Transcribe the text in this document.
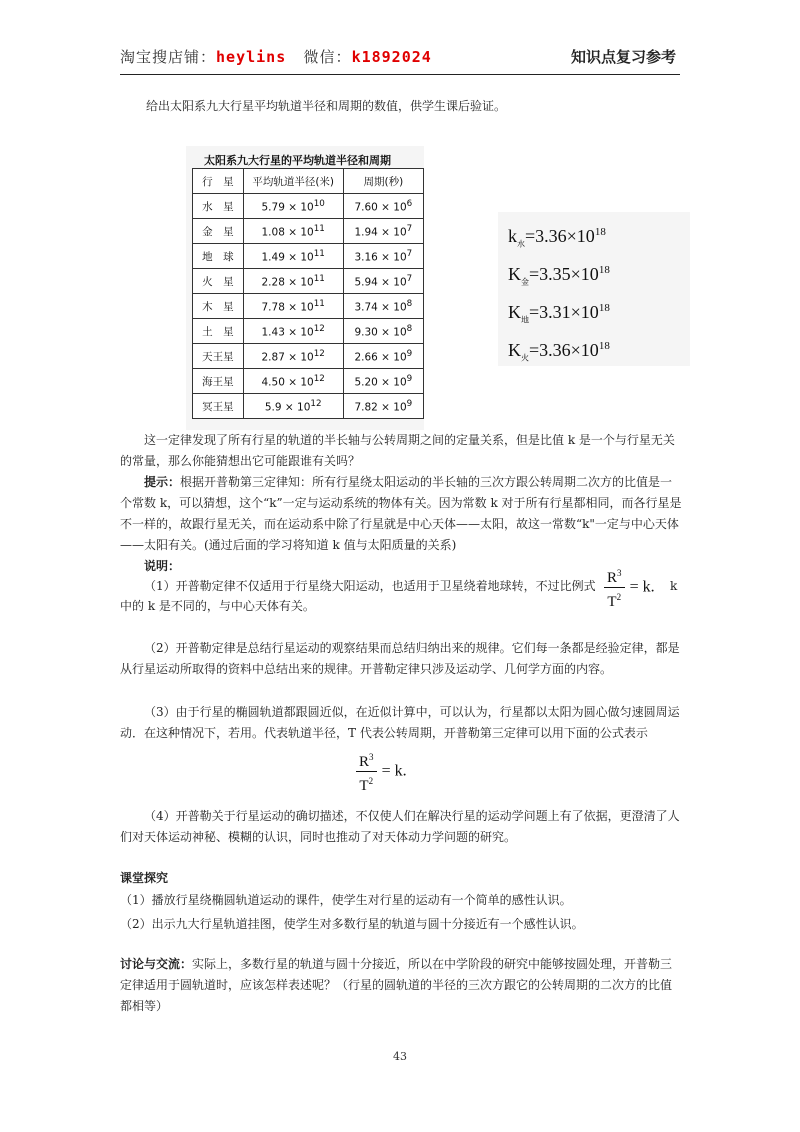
淘宝搜店铺：heylins 微信：k1892024	知识点复习参考
给出太阳系九大行星平均轨道半径和周期的数值，供学生课后验证。
太阳系九大行星的平均轨道半径和周期
行　星	平均轨道半径(米)	周期(秒)
水　星	$5.79 \times 10^{10}$	$7.60 \times 10^6$
金　星	$1.08 \times 10^{11}$	$1.94 \times 10^7$
地　球	$1.49 \times 10^{11}$	$3.16 \times 10^7$
火　星	$2.28 \times 10^{11}$	$5.94 \times 10^7$
木　星	$7.78 \times 10^{11}$	$3.74 \times 10^8$
土　星	$1.43 \times 10^{12}$	$9.30 \times 10^8$
天王星	$2.87 \times 10^{12}$	$2.66 \times 10^9$
海王星	$4.50 \times 10^{12}$	$5.20 \times 10^9$
冥王星	$5.9 \times 10^{12}$	$7.82 \times 10^9$
$k_水=3.36\times 10^{18}$
$K_金=3.35\times 10^{18}$
$K_地=3.31\times 10^{18}$
$K_火=3.36\times 10^{18}$
这一定律发现了所有行星的轨道的半长轴与公转周期之间的定量关系，但是比值 k 是一个与行星无关的常量，那么你能猜想出它可能跟谁有关吗？
提示：根据开普勒第三定律知：所有行星绕太阳运动的半长轴的三次方跟公转周期二次方的比值是一个常数 k，可以猜想，这个“k”一定与运动系统的物体有关。因为常数 k 对于所有行星都相同，而各行星是不一样的，故跟行星无关，而在运动系中除了行星就是中心天体——太阳，故这一常数“k"一定与中心天体——太阳有关。(通过后面的学习将知道 k 值与太阳质量的关系)
说明：
（1）开普勒定律不仅适用于行星绕大阳运动，也适用于卫星绕着地球转，不过比例式 $\frac{R^3}{T^2} = k$. k
中的 k 是不同的，与中心天体有关。
（2）开普勒定律是总结行星运动的观察结果而总结归纳出来的规律。它们每一条都是经验定律，都是从行星运动所取得的资料中总结出来的规律。开普勒定律只涉及运动学、几何学方面的内容。
（3）由于行星的椭圆轨道都跟圆近似，在近似计算中，可以认为，行星都以太阳为圆心做匀速圆周运动．在这种情况下，若用。代表轨道半径，T 代表公转周期，开普勒第三定律可以用下面的公式表示
$\frac{R^3}{T^2} = k$.
（4）开普勒关于行星运动的确切描述，不仅使人们在解决行星的运动学问题上有了依据，更澄清了人们对天体运动神秘、模糊的认识，同时也推动了对天体动力学问题的研究。
课堂探究
（1）播放行星绕椭圆轨道运动的课件，使学生对行星的运动有一个简单的感性认识。
（2）出示九大行星轨道挂图，使学生对多数行星的轨道与圆十分接近有一个感性认识。
讨论与交流：实际上，多数行星的轨道与圆十分接近，所以在中学阶段的研究中能够按圆处理，开普勒三定律适用于圆轨道时，应该怎样表述呢？（行星的圆轨道的半径的三次方跟它的公转周期的二次方的比值都相等）
43
